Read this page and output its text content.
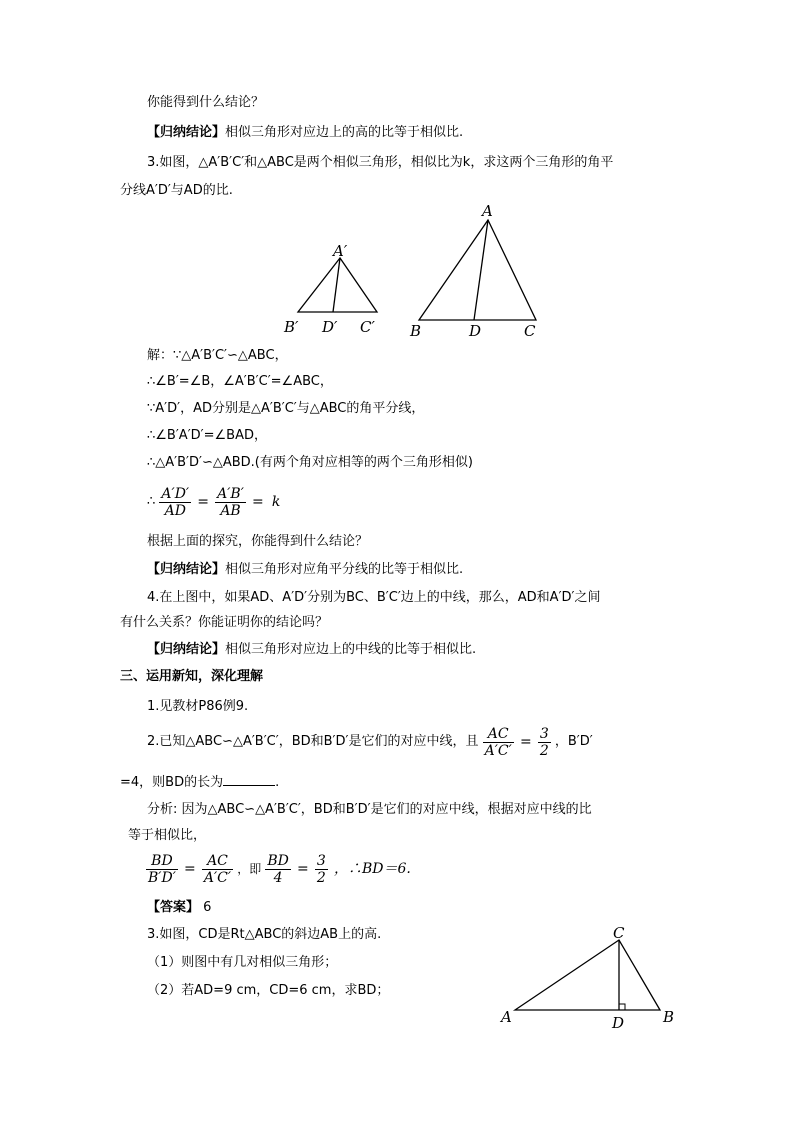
你能得到什么结论？
【归纳结论】相似三角形对应边上的高的比等于相似比.
3.如图，△A′B′C′和△ABC是两个相似三角形，相似比为k，求这两个三角形的角平
分线A′D′与AD的比.
A′
B′ D′ C′
A
B	D	C
解：∵△A′B′C′∽△ABC，
∴∠B′=∠B，∠A′B′C′=∠ABC，
∵A′D′，AD分别是△A′B′C′与△ABC的角平分线，
∴∠B′A′D′=∠BAD，
∴△A′B′D′∽△ABD.(有两个角对应相等的两个三角形相似)
∴ $\frac{A'D'}{AD} = \frac{A'B'}{AB} = k$
根据上面的探究，你能得到什么结论？
【归纳结论】相似三角形对应角平分线的比等于相似比.
4.在上图中，如果AD、A′D′分别为BC、B′C′边上的中线，那么，AD和A′D′之间
有什么关系？你能证明你的结论吗？
【归纳结论】相似三角形对应边上的中线的比等于相似比.
三、运用新知，深化理解
1.见教材P86例9.
2.已知△ABC∽△A′B′C′，BD和B′D′是它们的对应中线，且 $\frac{AC}{A'C'} = \frac{3}{2}$ ，B′D′
=4，则BD的长为	.
分析: 因为△ABC∽△A′B′C′，BD和B′D′是它们的对应中线，根据对应中线的比
等于相似比，
$\frac{BD}{B'D'} = \frac{AC}{A'C'}$ ，即 $\frac{BD}{4} = \frac{3}{2}$ ，∴BD＝6.
【答案】 6
3.如图，CD是Rt△ABC的斜边AB上的高.
（1）则图中有几对相似三角形；
（2）若AD=9 cm，CD=6 cm，求BD；
C
A	D	B
